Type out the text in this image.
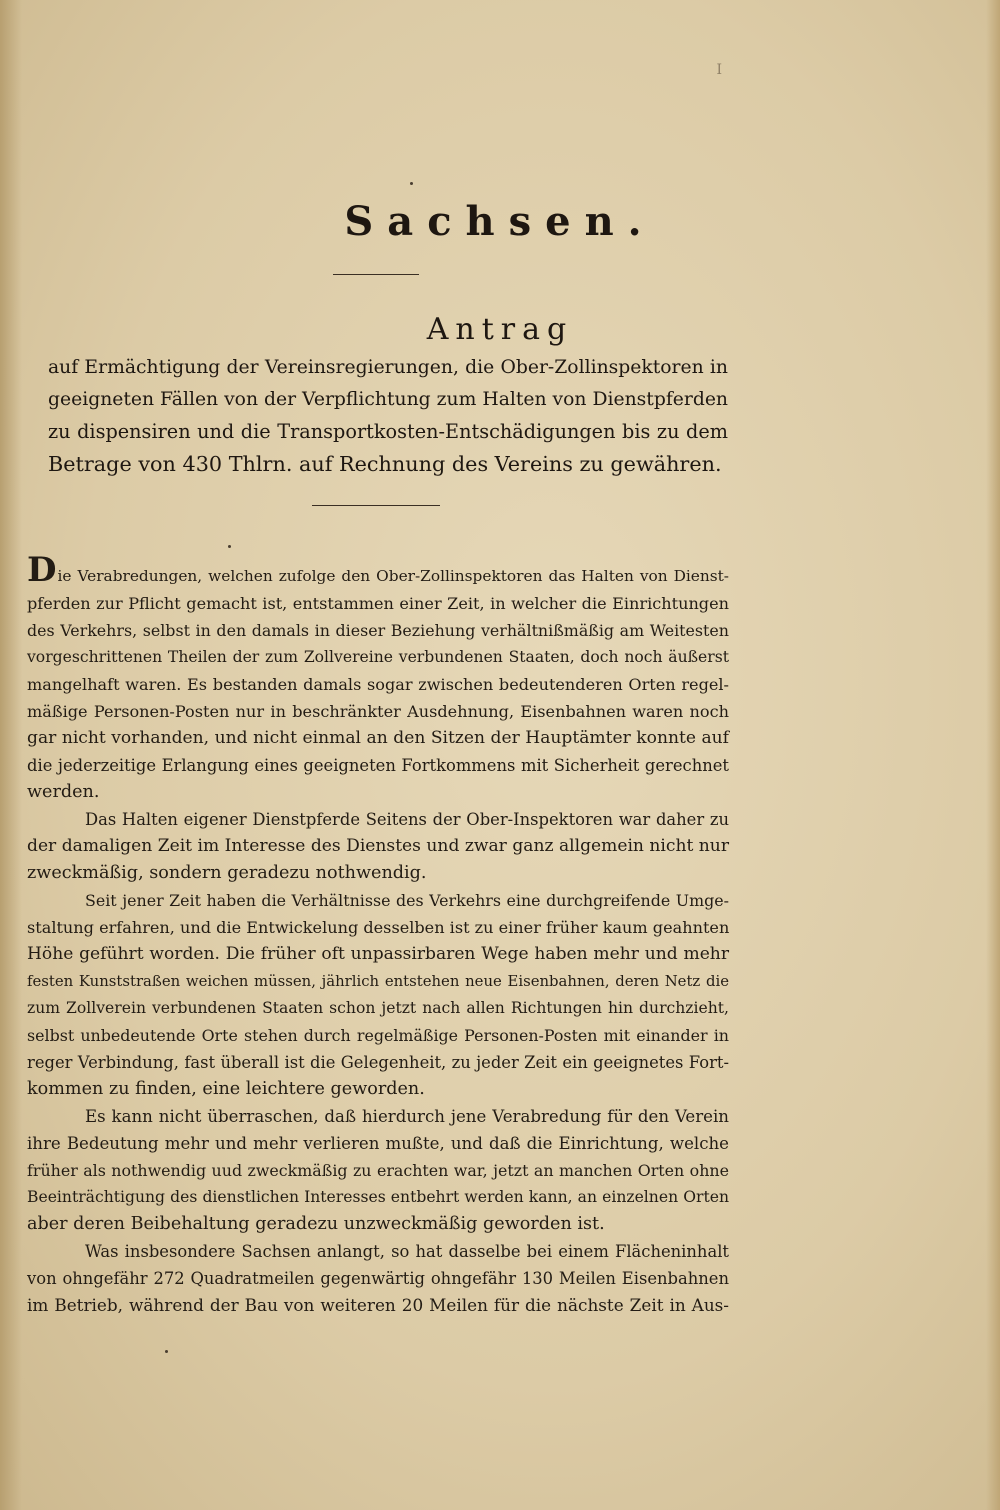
I
Sachsen.
Antrag
auf Ermächtigung der Vereinsregierungen, die Ober-Zollinspektoren in
geeigneten Fällen von der Verpflichtung zum Halten von Dienstpferden
zu dispensiren und die Transportkosten-Entschädigungen bis zu dem
Betrage von 430 Thlrn. auf Rechnung des Vereins zu gewähren.
Die Verabredungen, welchen zufolge den Ober-Zollinspektoren das Halten von Dienst-
pferden zur Pflicht gemacht ist, entstammen einer Zeit, in welcher die Einrichtungen
des Verkehrs, selbst in den damals in dieser Beziehung verhältnißmäßig am Weitesten
vorgeschrittenen Theilen der zum Zollvereine verbundenen Staaten, doch noch äußerst
mangelhaft waren. Es bestanden damals sogar zwischen bedeutenderen Orten regel-
mäßige Personen-Posten nur in beschränkter Ausdehnung, Eisenbahnen waren noch
gar nicht vorhanden, und nicht einmal an den Sitzen der Hauptämter konnte auf
die jederzeitige Erlangung eines geeigneten Fortkommens mit Sicherheit gerechnet
werden.
Das Halten eigener Dienstpferde Seitens der Ober-Inspektoren war daher zu
der damaligen Zeit im Interesse des Dienstes und zwar ganz allgemein nicht nur
zweckmäßig, sondern geradezu nothwendig.
Seit jener Zeit haben die Verhältnisse des Verkehrs eine durchgreifende Umge-
staltung erfahren, und die Entwickelung desselben ist zu einer früher kaum geahnten
Höhe geführt worden. Die früher oft unpassirbaren Wege haben mehr und mehr
festen Kunststraßen weichen müssen, jährlich entstehen neue Eisenbahnen, deren Netz die
zum Zollverein verbundenen Staaten schon jetzt nach allen Richtungen hin durchzieht,
selbst unbedeutende Orte stehen durch regelmäßige Personen-Posten mit einander in
reger Verbindung, fast überall ist die Gelegenheit, zu jeder Zeit ein geeignetes Fort-
kommen zu finden, eine leichtere geworden.
Es kann nicht überraschen, daß hierdurch jene Verabredung für den Verein
ihre Bedeutung mehr und mehr verlieren mußte, und daß die Einrichtung, welche
früher als nothwendig uud zweckmäßig zu erachten war, jetzt an manchen Orten ohne
Beeinträchtigung des dienstlichen Interesses entbehrt werden kann, an einzelnen Orten
aber deren Beibehaltung geradezu unzweckmäßig geworden ist.
Was insbesondere Sachsen anlangt, so hat dasselbe bei einem Flächeninhalt
von ohngefähr 272 Quadratmeilen gegenwärtig ohngefähr 130 Meilen Eisenbahnen
im Betrieb, während der Bau von weiteren 20 Meilen für die nächste Zeit in Aus-
